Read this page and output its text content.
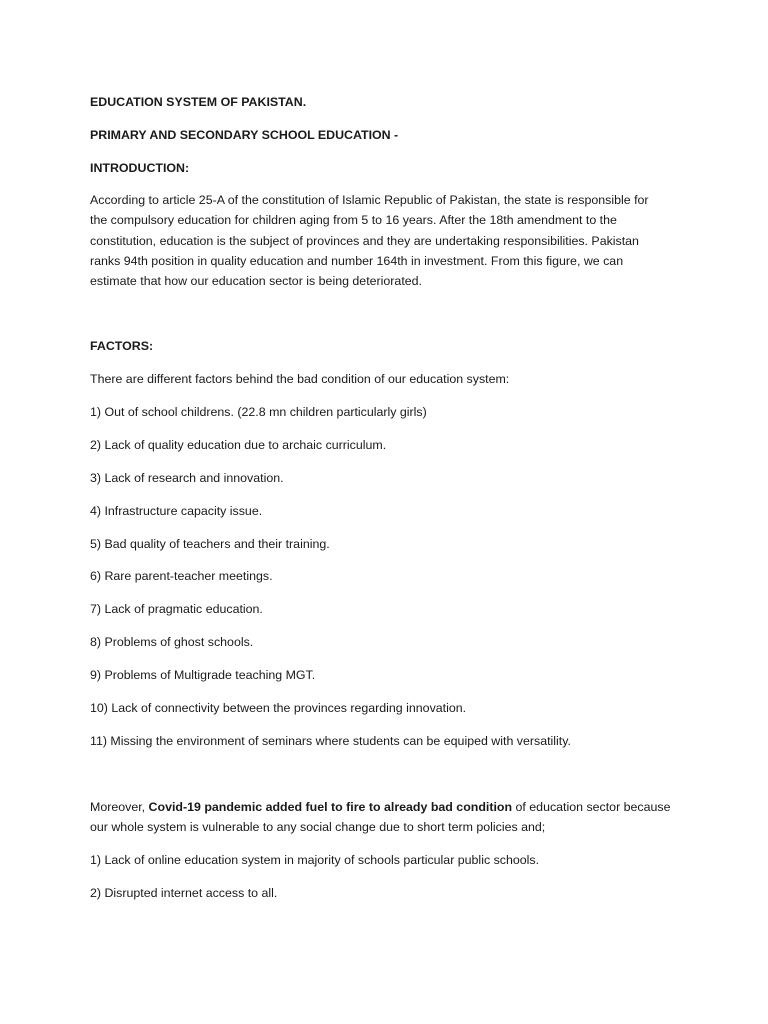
EDUCATION SYSTEM OF PAKISTAN.
PRIMARY AND SECONDARY SCHOOL EDUCATION -
INTRODUCTION:
According to article 25-A of the constitution of Islamic Republic of Pakistan, the state is responsible for
the compulsory education for children aging from 5 to 16 years. After the 18th amendment to the
constitution, education is the subject of provinces and they are undertaking responsibilities. Pakistan
ranks 94th position in quality education and number 164th in investment. From this figure, we can
estimate that how our education sector is being deteriorated.
FACTORS:
There are different factors behind the bad condition of our education system:
1) Out of school childrens. (22.8 mn children particularly girls)
2) Lack of quality education due to archaic curriculum.
3) Lack of research and innovation.
4) Infrastructure capacity issue.
5) Bad quality of teachers and their training.
6) Rare parent-teacher meetings.
7) Lack of pragmatic education.
8) Problems of ghost schools.
9) Problems of Multigrade teaching MGT.
10) Lack of connectivity between the provinces regarding innovation.
11) Missing the environment of seminars where students can be equiped with versatility.
Moreover, Covid-19 pandemic added fuel to fire to already bad condition of education sector because
our whole system is vulnerable to any social change due to short term policies and;
1) Lack of online education system in majority of schools particular public schools.
2) Disrupted internet access to all.
